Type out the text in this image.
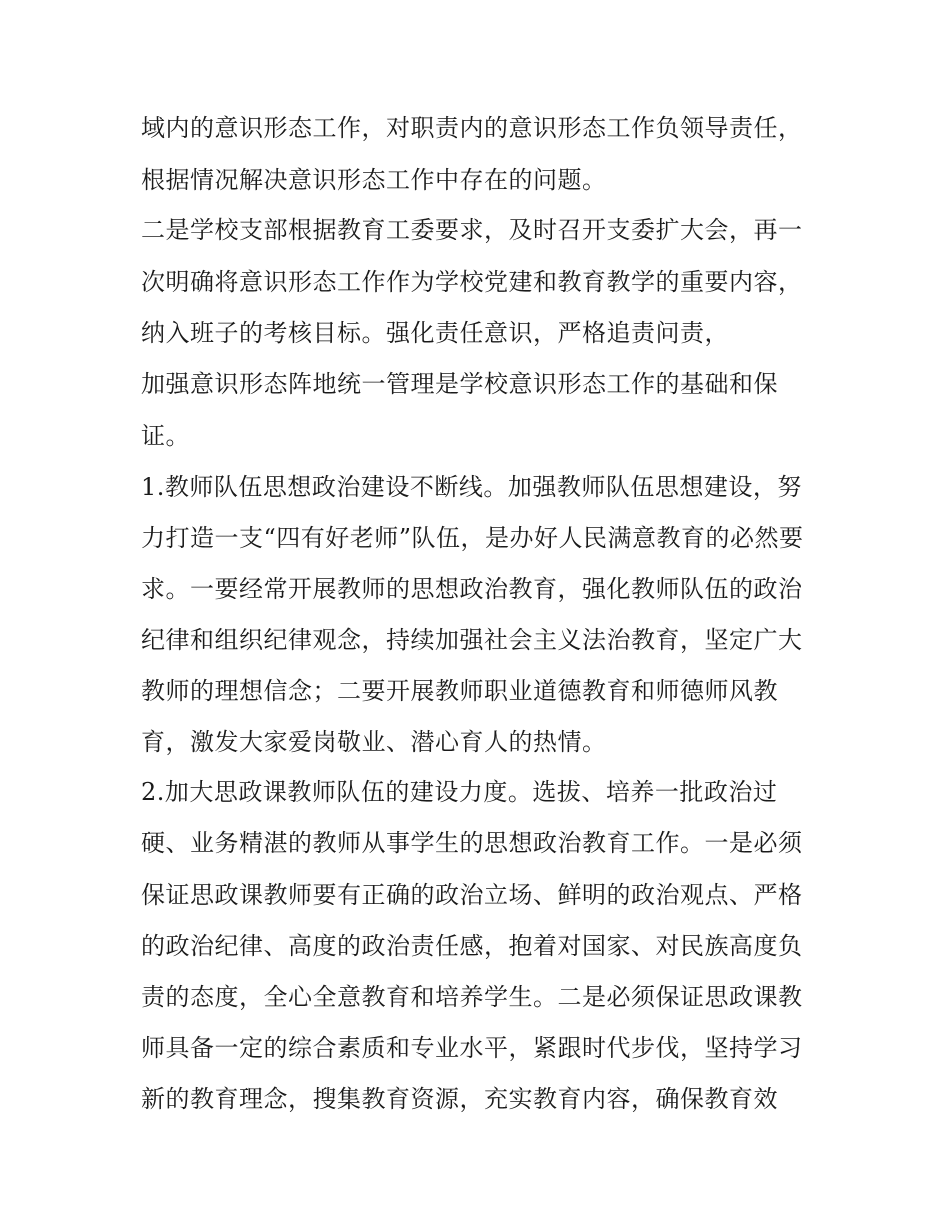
域内的意识形态工作，对职责内的意识形态工作负领导责任，
根据情况解决意识形态工作中存在的问题。
二是学校支部根据教育工委要求，及时召开支委扩大会，再一
次明确将意识形态工作作为学校党建和教育教学的重要内容，
纳入班子的考核目标。强化责任意识，严格追责问责，
加强意识形态阵地统一管理是学校意识形态工作的基础和保
证。
1.教师队伍思想政治建设不断线。加强教师队伍思想建设，努
力打造一支“四有好老师”队伍，是办好人民满意教育的必然要
求。一要经常开展教师的思想政治教育，强化教师队伍的政治
纪律和组织纪律观念，持续加强社会主义法治教育，坚定广大
教师的理想信念；二要开展教师职业道德教育和师德师风教
育，激发大家爱岗敬业、潜心育人的热情。
2.加大思政课教师队伍的建设力度。选拔、培养一批政治过
硬、业务精湛的教师从事学生的思想政治教育工作。一是必须
保证思政课教师要有正确的政治立场、鲜明的政治观点、严格
的政治纪律、高度的政治责任感，抱着对国家、对民族高度负
责的态度，全心全意教育和培养学生。二是必须保证思政课教
师具备一定的综合素质和专业水平，紧跟时代步伐，坚持学习
新的教育理念，搜集教育资源，充实教育内容，确保教育效
